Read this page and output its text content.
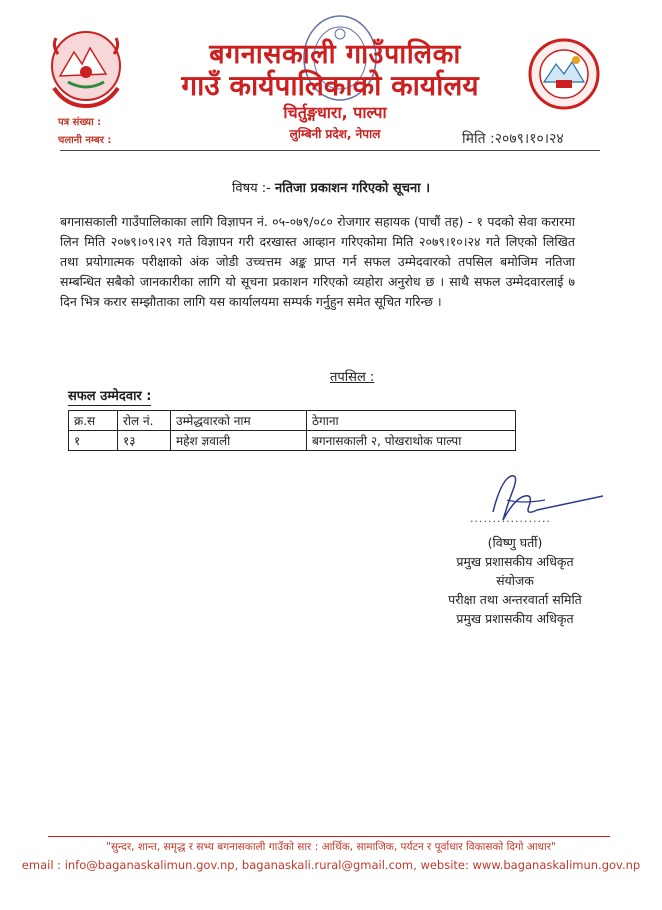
बगनासकाली गाउँपालिका
गाउँ कार्यपालिकाको कार्यालय
चिर्तुङ्गधारा, पाल्पा
लुम्बिनी प्रदेश, नेपाल
पत्र संख्या :
चलानी नम्बर :	मिति :२०७९।१०।२४
विषय :- नतिजा प्रकाशन गरिएको सूचना ।
बगनासकाली गाउँपालिकाका लागि विज्ञापन नं. ०५-०७९/०८० रोजगार सहायक (पाचौं तह) - १ पदको सेवा करारमा लिन मिति २०७९।०९।२९ गते विज्ञापन गरी दरखास्त आव्हान गरिएकोमा मिति २०७९।१०।२४ गते लिएको लिखित तथा प्रयोगात्मक परीक्षाको अंक जोडी उच्चत्तम अङ्क प्राप्त गर्न सफल उम्मेदवारको तपसिल बमोजिम नतिजा सम्बन्धित सबैको जानकारीका लागि यो सूचना प्रकाशन गरिएको व्यहोरा अनुरोध छ । साथै सफल उम्मेदवारलाई ७ दिन भित्र करार सम्झौताका लागि यस कार्यालयमा सम्पर्क गर्नुहुन समेत सूचित गरिन्छ ।
तपसिल :
सफल उम्मेदवार :
क्र.स	रोल नं.	उम्मेद्धवारको नाम	ठेगाना
१	१३	महेश ज्ञवाली	बगनासकाली २, पोखराथोक पाल्पा
..................
(विष्णु घर्ती)
प्रमुख प्रशासकीय अधिकृत
संयोजक
परीक्षा तथा अन्तरवार्ता समिति
प्रमुख प्रशासकीय अधिकृत
"सुन्दर, शान्त, समृद्ध र सभ्य बगनासकाली गाउँको सार : आर्थिक, सामाजिक, पर्यटन र पूर्वाधार विकासको दिगो आधार"
email : info@baganaskalimun.gov.np, baganaskali.rural@gmail.com, website: www.baganaskalimun.gov.np
